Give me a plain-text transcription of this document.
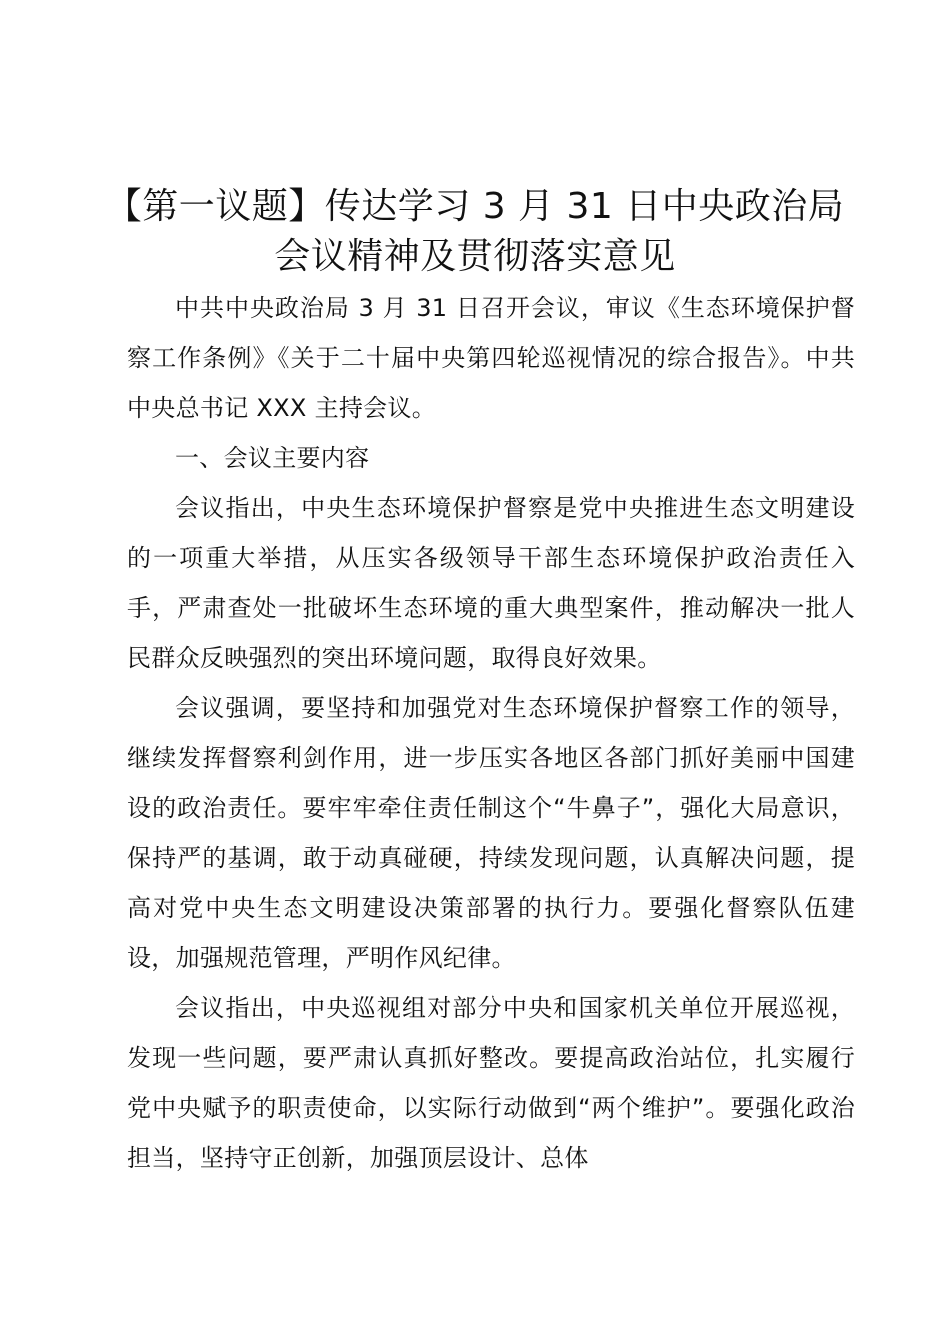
【第一议题】传达学习 3 月 31 日中央政治局
会议精神及贯彻落实意见

中共中央政治局 3 月 31 日召开会议，审议《生态环境保护督察工作条例》《关于二十届中央第四轮巡视情况的综合报告》。中共中央总书记 XXX 主持会议。

一、会议主要内容

会议指出，中央生态环境保护督察是党中央推进生态文明建设的一项重大举措，从压实各级领导干部生态环境保护政治责任入手，严肃查处一批破坏生态环境的重大典型案件，推动解决一批人民群众反映强烈的突出环境问题，取得良好效果。

会议强调，要坚持和加强党对生态环境保护督察工作的领导，继续发挥督察利剑作用，进一步压实各地区各部门抓好美丽中国建设的政治责任。要牢牢牵住责任制这个“牛鼻子”，强化大局意识，保持严的基调，敢于动真碰硬，持续发现问题，认真解决问题，提高对党中央生态文明建设决策部署的执行力。要强化督察队伍建设，加强规范管理，严明作风纪律。

会议指出，中央巡视组对部分中央和国家机关单位开展巡视，发现一些问题，要严肃认真抓好整改。要提高政治站位，扎实履行党中央赋予的职责使命，以实际行动做到“两个维护”。要强化政治担当，坚持守正创新，加强顶层设计、总体
